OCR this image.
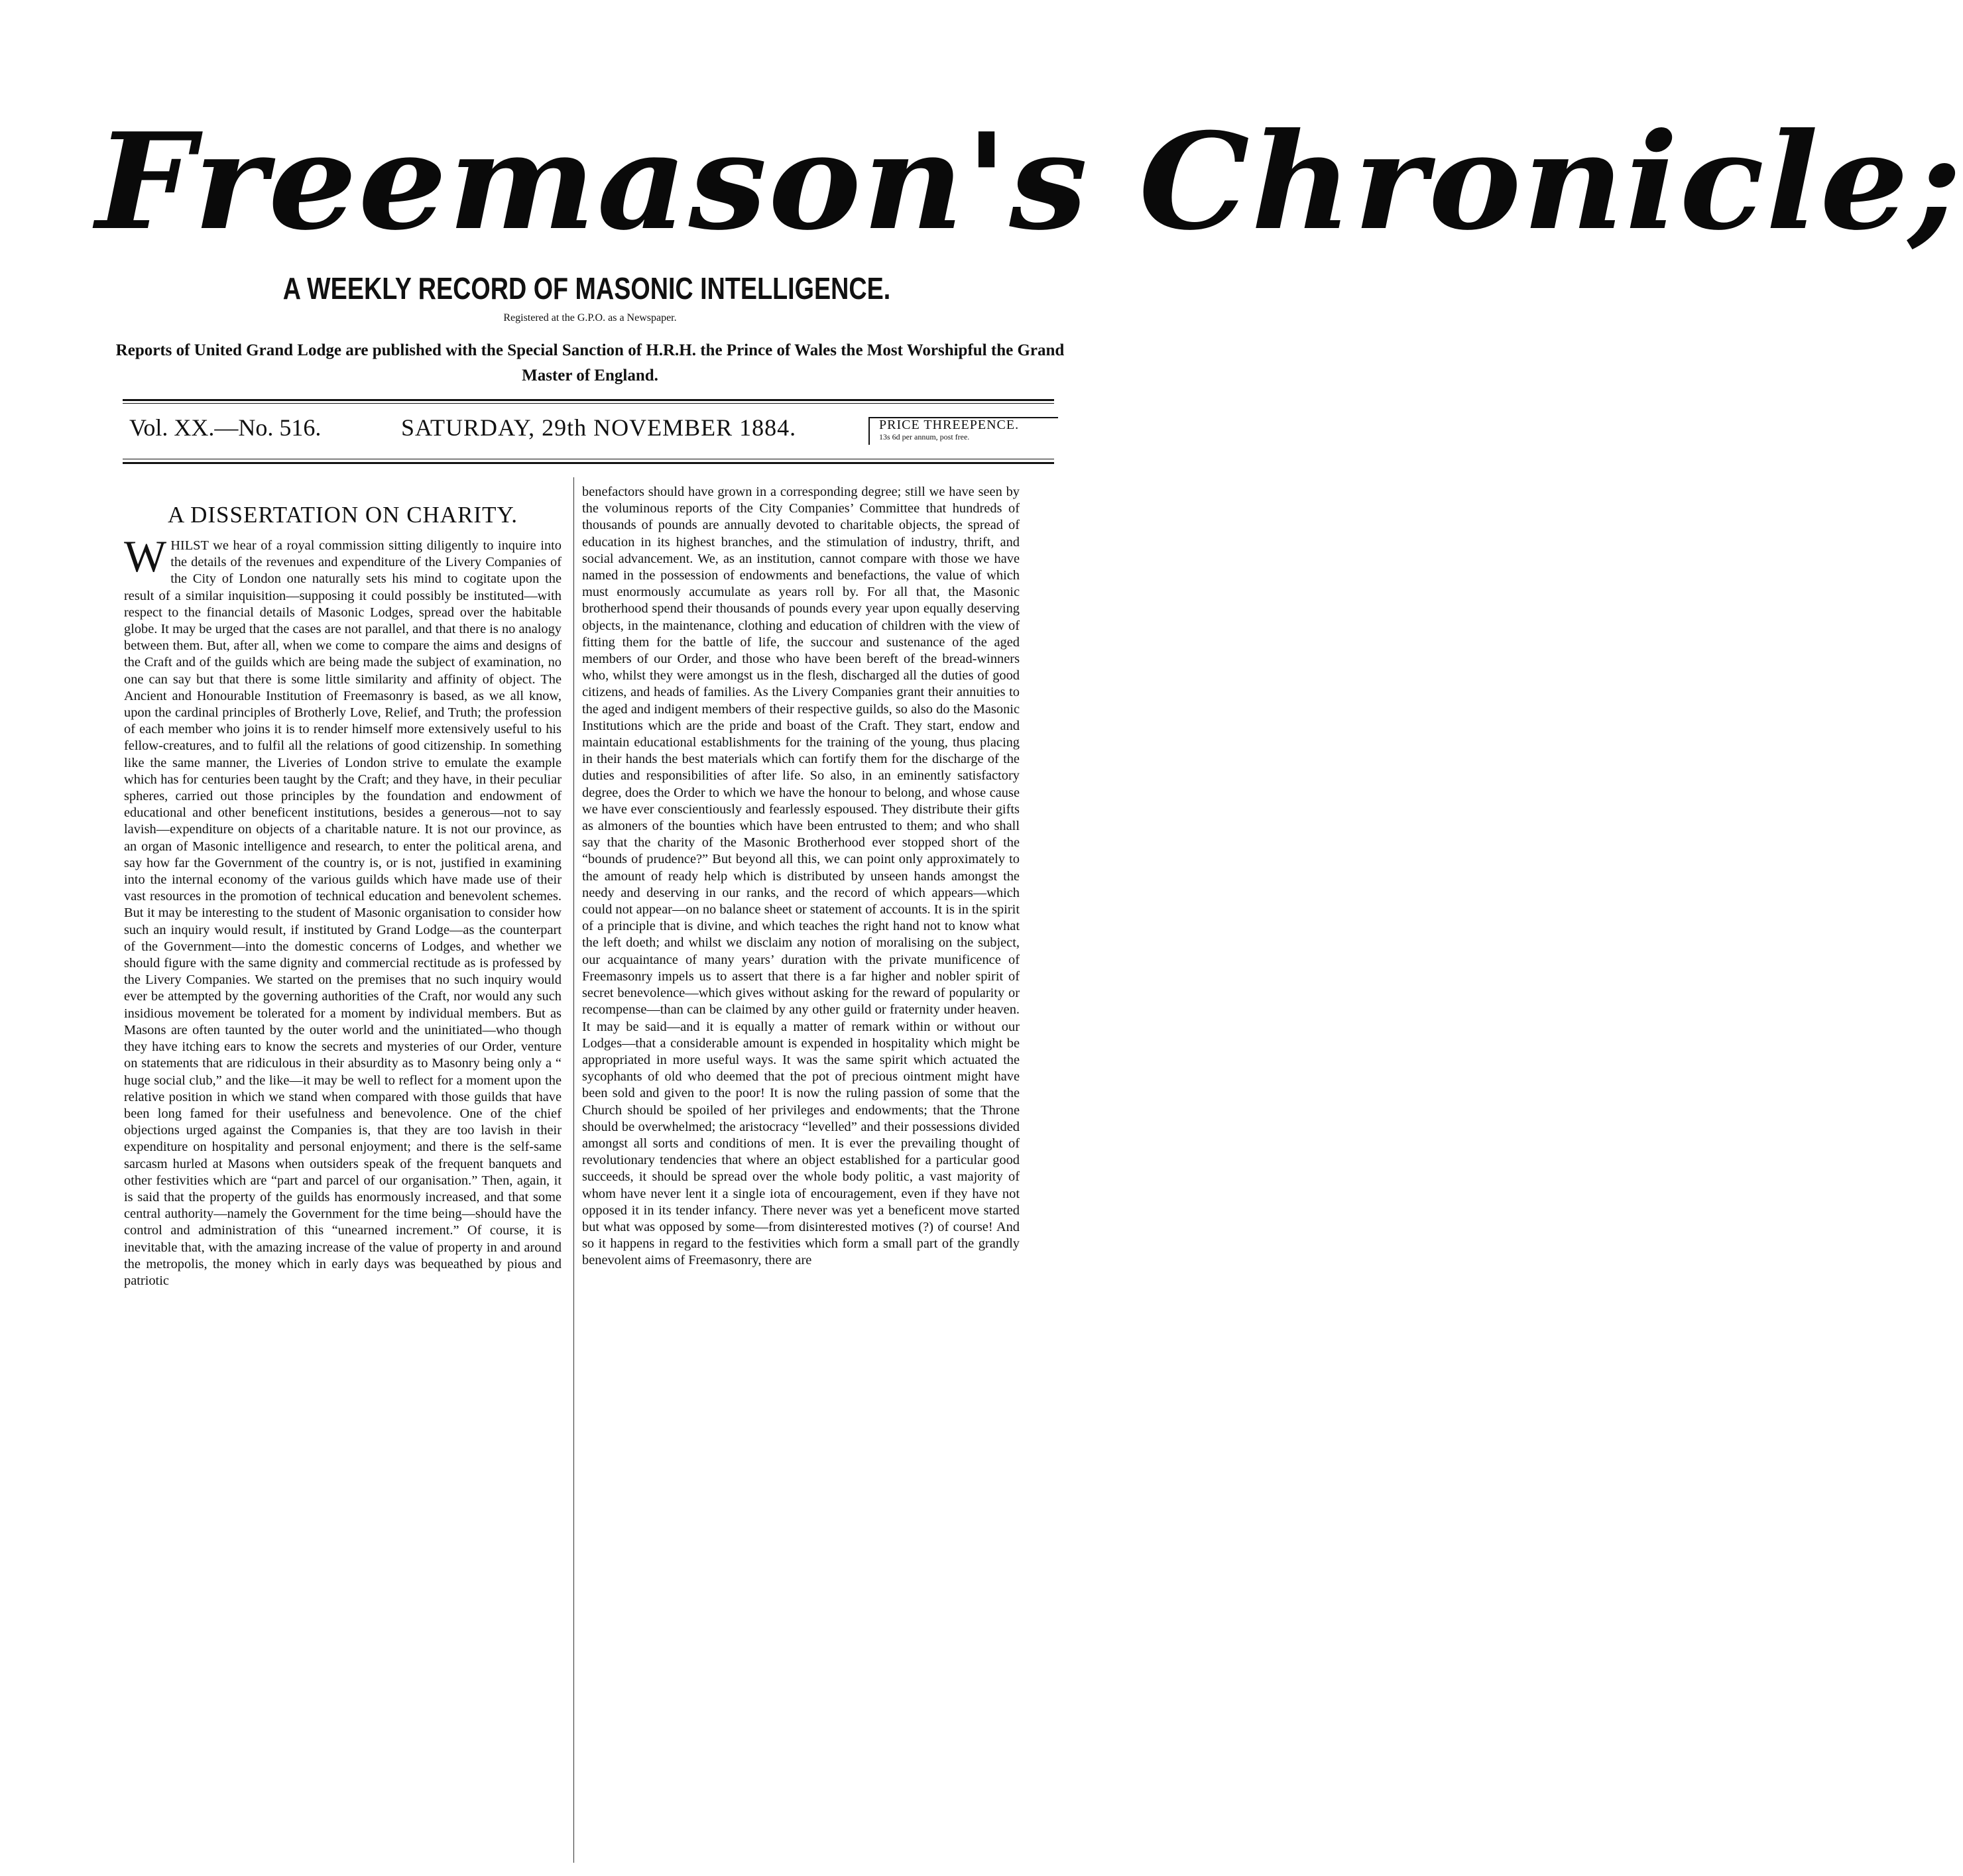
Freemason's Chronicle;
A WEEKLY RECORD OF MASONIC INTELLIGENCE.
Registered at the G.P.O. as a Newspaper.
Reports of United Grand Lodge are published with the Special Sanction of H.R.H. the Prince of Wales the Most Worshipful the Grand Master of England.
Vol. XX.—No. 516.	SATURDAY, 29th NOVEMBER 1884.	PRICE THREEPENCE.
13s 6d per annum, post free.
A DISSERTATION ON CHARITY.

WHILST we hear of a royal commission sitting diligently to inquire into the details of the revenues and expenditure of the Livery Companies of the City of London one naturally sets his mind to cogitate upon the result of a similar inquisition—supposing it could possibly be instituted—with respect to the financial details of Masonic Lodges, spread over the habitable globe. It may be urged that the cases are not parallel, and that there is no analogy between them. But, after all, when we come to compare the aims and designs of the Craft and of the guilds which are being made the subject of examination, no one can say but that there is some little similarity and affinity of object. The Ancient and Honourable Institution of Freemasonry is based, as we all know, upon the cardinal principles of Brotherly Love, Relief, and Truth; the profession of each member who joins it is to render himself more extensively useful to his fellow-creatures, and to fulfil all the relations of good citizenship. In something like the same manner, the Liveries of London strive to emulate the example which has for centuries been taught by the Craft; and they have, in their peculiar spheres, carried out those principles by the foundation and endowment of educational and other beneficent institutions, besides a generous—not to say lavish—expenditure on objects of a charitable nature. It is not our province, as an organ of Masonic intelligence and research, to enter the political arena, and say how far the Government of the country is, or is not, justified in examining into the internal economy of the various guilds which have made use of their vast resources in the promotion of technical education and benevolent schemes. But it may be interesting to the student of Masonic organisation to consider how such an inquiry would result, if instituted by Grand Lodge—as the counterpart of the Government—into the domestic concerns of Lodges, and whether we should figure with the same dignity and commercial rectitude as is professed by the Livery Companies. We started on the premises that no such inquiry would ever be attempted by the governing authorities of the Craft, nor would any such insidious movement be tolerated for a moment by individual members. But as Masons are often taunted by the outer world and the uninitiated—who though they have itching ears to know the secrets and mysteries of our Order, venture on statements that are ridiculous in their absurdity as to Masonry being only a “ huge social club,” and the like—it may be well to reflect for a moment upon the relative position in which we stand when compared with those guilds that have been long famed for their usefulness and benevolence. One of the chief objections urged against the Companies is, that they are too lavish in their expenditure on hospitality and personal enjoyment; and there is the self-same sarcasm hurled at Masons when outsiders speak of the frequent banquets and other festivities which are “part and parcel of our organisation.” Then, again, it is said that the property of the guilds has enormously increased, and that some central authority—namely the Government for the time being—should have the control and administration of this “unearned increment.” Of course, it is inevitable that, with the amazing increase of the value of property in and around the metropolis, the money which in early days was bequeathed by pious and patriotic

benefactors should have grown in a corresponding degree; still we have seen by the voluminous reports of the City Companies’ Committee that hundreds of thousands of pounds are annually devoted to charitable objects, the spread of education in its highest branches, and the stimulation of industry, thrift, and social advancement. We, as an institution, cannot compare with those we have named in the possession of endowments and benefactions, the value of which must enormously accumulate as years roll by. For all that, the Masonic brotherhood spend their thousands of pounds every year upon equally deserving objects, in the maintenance, clothing and education of children with the view of fitting them for the battle of life, the succour and sustenance of the aged members of our Order, and those who have been bereft of the bread-winners who, whilst they were amongst us in the flesh, discharged all the duties of good citizens, and heads of families. As the Livery Companies grant their annuities to the aged and indigent members of their respective guilds, so also do the Masonic Institutions which are the pride and boast of the Craft. They start, endow and maintain educational establishments for the training of the young, thus placing in their hands the best materials which can fortify them for the discharge of the duties and responsibilities of after life. So also, in an eminently satisfactory degree, does the Order to which we have the honour to belong, and whose cause we have ever conscientiously and fearlessly espoused. They distribute their gifts as almoners of the bounties which have been entrusted to them; and who shall say that the charity of the Masonic Brotherhood ever stopped short of the “bounds of prudence?” But beyond all this, we can point only approximately to the amount of ready help which is distributed by unseen hands amongst the needy and deserving in our ranks, and the record of which appears—which could not appear—on no balance sheet or statement of accounts. It is in the spirit of a principle that is divine, and which teaches the right hand not to know what the left doeth; and whilst we disclaim any notion of moralising on the subject, our acquaintance of many years’ duration with the private munificence of Freemasonry impels us to assert that there is a far higher and nobler spirit of secret benevolence—which gives without asking for the reward of popularity or recompense—than can be claimed by any other guild or fraternity under heaven. It may be said—and it is equally a matter of remark within or without our Lodges—that a considerable amount is expended in hospitality which might be appropriated in more useful ways. It was the same spirit which actuated the sycophants of old who deemed that the pot of precious ointment might have been sold and given to the poor! It is now the ruling passion of some that the Church should be spoiled of her privileges and endowments; that the Throne should be overwhelmed; the aristocracy “levelled” and their possessions divided amongst all sorts and conditions of men. It is ever the prevailing thought of revolutionary tendencies that where an object established for a particular good succeeds, it should be spread over the whole body politic, a vast majority of whom have never lent it a single iota of encouragement, even if they have not opposed it in its tender infancy. There never was yet a beneficent move started but what was opposed by some—from disinterested motives (?) of course! And so it happens in regard to the festivities which form a small part of the grandly benevolent aims of Freemasonry, there are
